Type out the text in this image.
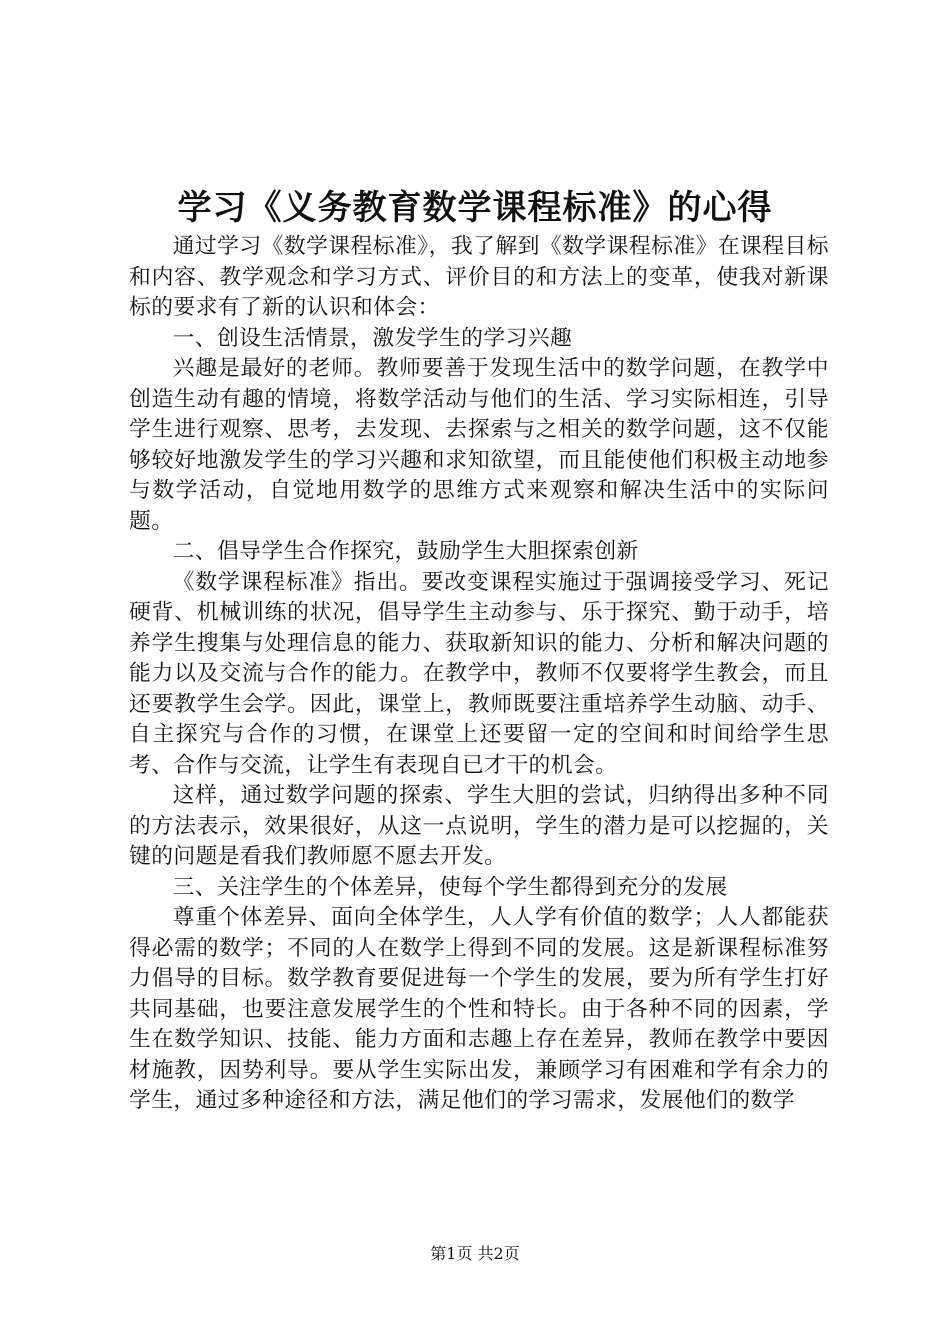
学习《义务教育数学课程标准》的心得

通过学习《数学课程标准》，我了解到《数学课程标准》在课程目标和内容、教学观念和学习方式、评价目的和方法上的变革，使我对新课标的要求有了新的认识和体会：

一、创设生活情景，激发学生的学习兴趣

兴趣是最好的老师。教师要善于发现生活中的数学问题，在教学中创造生动有趣的情境，将数学活动与他们的生活、学习实际相连，引导学生进行观察、思考，去发现、去探索与之相关的数学问题，这不仅能够较好地激发学生的学习兴趣和求知欲望，而且能使他们积极主动地参与数学活动，自觉地用数学的思维方式来观察和解决生活中的实际问题。

二、倡导学生合作探究，鼓励学生大胆探索创新

《数学课程标准》指出。要改变课程实施过于强调接受学习、死记硬背、机械训练的状况，倡导学生主动参与、乐于探究、勤于动手，培养学生搜集与处理信息的能力、获取新知识的能力、分析和解决问题的能力以及交流与合作的能力。在教学中，教师不仅要将学生教会，而且还要教学生会学。因此，课堂上，教师既要注重培养学生动脑、动手、自主探究与合作的习惯，在课堂上还要留一定的空间和时间给学生思考、合作与交流，让学生有表现自已才干的机会。

这样，通过数学问题的探索、学生大胆的尝试，归纳得出多种不同的方法表示，效果很好，从这一点说明，学生的潜力是可以挖掘的，关键的问题是看我们教师愿不愿去开发。

三、关注学生的个体差异，使每个学生都得到充分的发展

尊重个体差异、面向全体学生，人人学有价值的数学；人人都能获得必需的数学；不同的人在数学上得到不同的发展。这是新课程标准努力倡导的目标。数学教育要促进每一个学生的发展，要为所有学生打好共同基础，也要注意发展学生的个性和特长。由于各种不同的因素，学生在数学知识、技能、能力方面和志趣上存在差异，教师在教学中要因材施教，因势利导。要从学生实际出发，兼顾学习有困难和学有余力的学生，通过多种途径和方法，满足他们的学习需求，发展他们的数学

第1页 共2页
